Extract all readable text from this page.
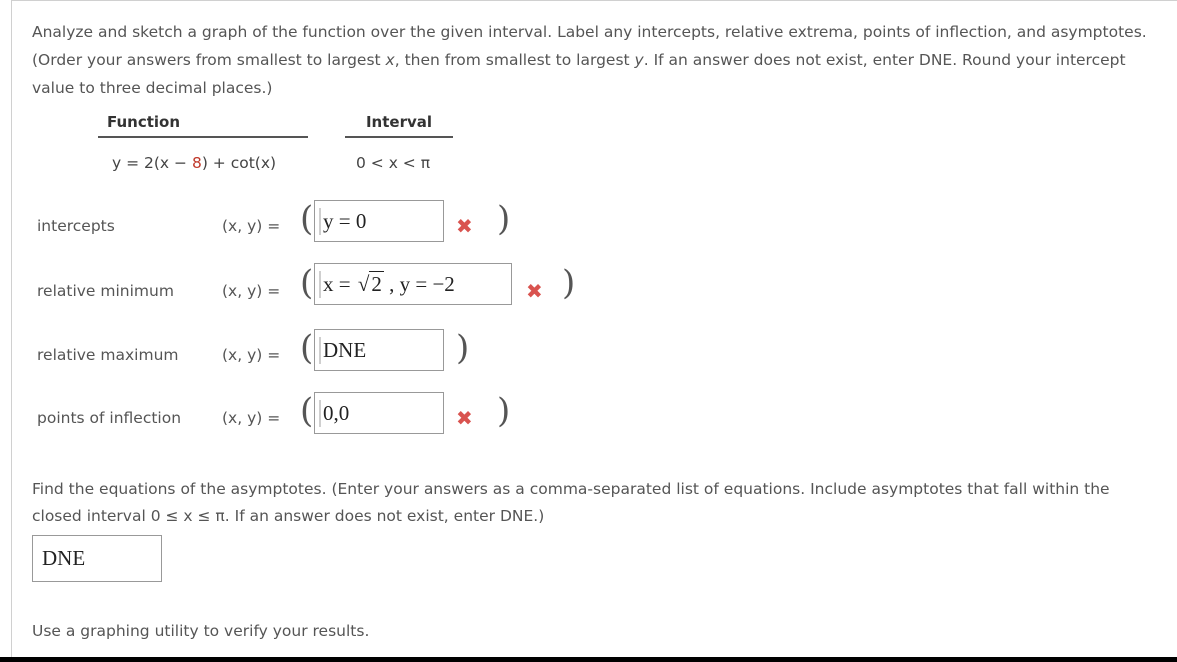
Analyze and sketch a graph of the function over the given interval. Label any intercepts, relative extrema, points of inflection, and asymptotes. (Order your answers from smallest to largest x, then from smallest to largest y. If an answer does not exist, enter DNE. Round your intercept value to three decimal places.)
Function	Interval
y = 2(x − 8) + cot(x)	0 < x < π
intercepts	(x, y) = ( y = 0	✖ )
relative minimum	(x, y) = ( x = √2 , y = −2	✖ )
relative maximum	(x, y) = ( DNE	)
points of inflection	(x, y) = ( 0,0	✖ )
Find the equations of the asymptotes. (Enter your answers as a comma-separated list of equations. Include asymptotes that fall within the closed interval 0 ≤ x ≤ π. If an answer does not exist, enter DNE.)
DNE
Use a graphing utility to verify your results.
